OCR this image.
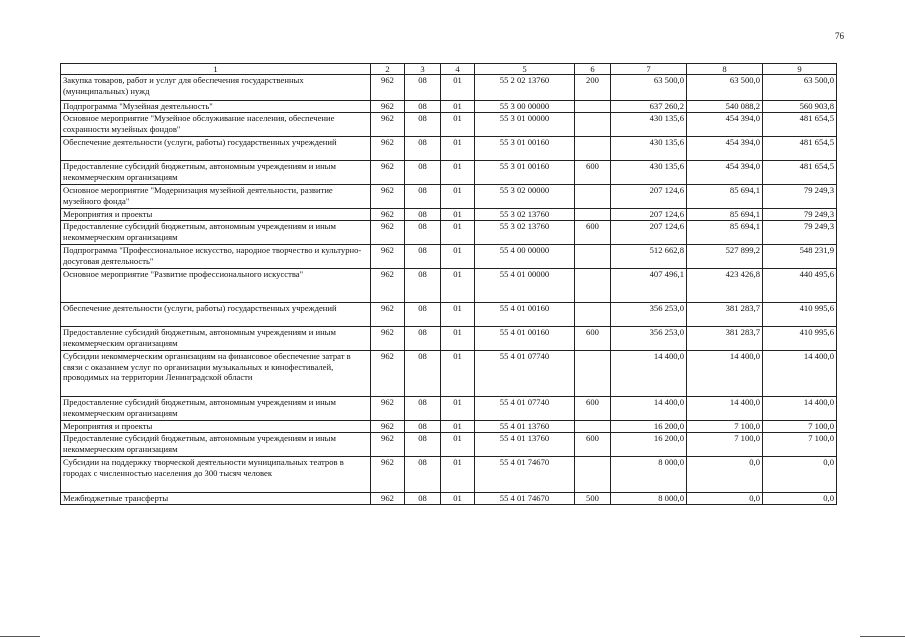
76
1	2	3	4	5	6	7	8	9
Закупка товаров, работ и услуг для обеспечения государственных (муниципальных) нужд	962	08	01	55 2 02 13760	200	63 500,0	63 500,0	63 500,0
Подпрограмма "Музейная деятельность"	962	08	01	55 3 00 00000		637 260,2	540 088,2	560 903,8
Основное мероприятие "Музейное обслуживание населения, обеспечение сохранности музейных фондов"	962	08	01	55 3 01 00000		430 135,6	454 394,0	481 654,5
Обеспечение деятельности (услуги, работы) государственных учреждений	962	08	01	55 3 01 00160		430 135,6	454 394,0	481 654,5
Предоставление субсидий бюджетным, автономным учреждениям и иным некоммерческим организациям	962	08	01	55 3 01 00160	600	430 135,6	454 394,0	481 654,5
Основное мероприятие "Модернизация музейной деятельности, развитие музейного фонда"	962	08	01	55 3 02 00000		207 124,6	85 694,1	79 249,3
Мероприятия и проекты	962	08	01	55 3 02 13760		207 124,6	85 694,1	79 249,3
Предоставление субсидий бюджетным, автономным учреждениям и иным некоммерческим организациям	962	08	01	55 3 02 13760	600	207 124,6	85 694,1	79 249,3
Подпрограмма "Профессиональное искусство, народное творчество и культурно-досуговая деятельность"	962	08	01	55 4 00 00000		512 662,8	527 899,2	548 231,9
Основное мероприятие "Развитие профессионального искусства"	962	08	01	55 4 01 00000		407 496,1	423 426,8	440 495,6
Обеспечение деятельности (услуги, работы) государственных учреждений	962	08	01	55 4 01 00160		356 253,0	381 283,7	410 995,6
Предоставление субсидий бюджетным, автономным учреждениям и иным некоммерческим организациям	962	08	01	55 4 01 00160	600	356 253,0	381 283,7	410 995,6
Субсидии некоммерческим организациям на финансовое обеспечение затрат в связи с оказанием услуг по организации музыкальных и кинофестивалей, проводимых на территории Ленинградской области	962	08	01	55 4 01 07740		14 400,0	14 400,0	14 400,0
Предоставление субсидий бюджетным, автономным учреждениям и иным некоммерческим организациям	962	08	01	55 4 01 07740	600	14 400,0	14 400,0	14 400,0
Мероприятия и проекты	962	08	01	55 4 01 13760		16 200,0	7 100,0	7 100,0
Предоставление субсидий бюджетным, автономным учреждениям и иным некоммерческим организациям	962	08	01	55 4 01 13760	600	16 200,0	7 100,0	7 100,0
Субсидии на поддержку творческой деятельности муниципальных театров в городах с численностью населения до 300 тысяч человек	962	08	01	55 4 01 74670		8 000,0	0,0	0,0
Межбюджетные трансферты	962	08	01	55 4 01 74670	500	8 000,0	0,0	0,0
